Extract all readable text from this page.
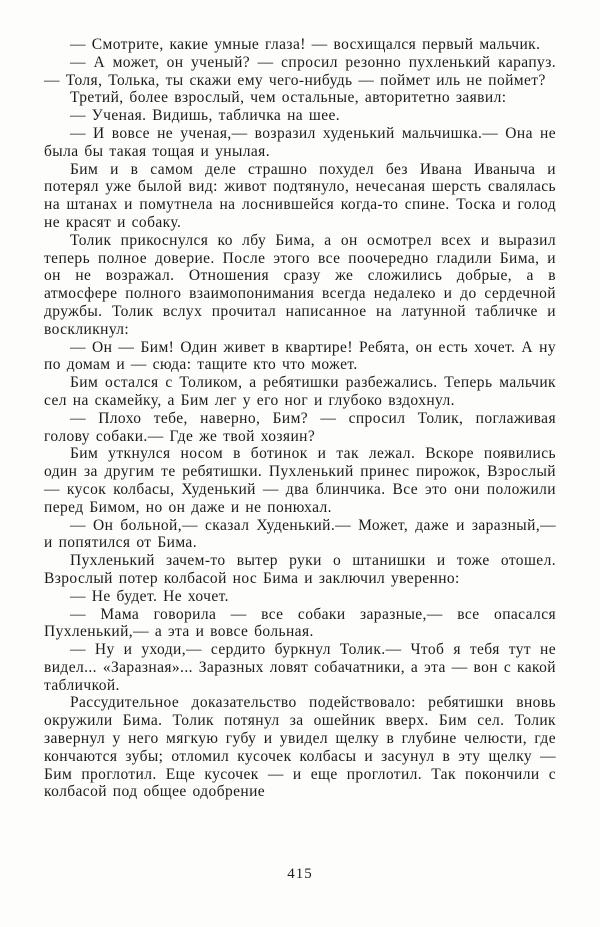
— Смотрите, какие умные глаза! — восхищался первый мальчик.

— А может, он ученый? — спросил резонно пухленький карапуз.— Толя, Толька, ты скажи ему чего-нибудь — поймет иль не поймет?

Третий, более взрослый, чем остальные, авторитетно заявил:

— Ученая. Видишь, табличка на шее.

— И вовсе не ученая,— возразил худенький мальчишка.— Она не была бы такая тощая и унылая.

Бим и в самом деле страшно похудел без Ивана Иваныча и потерял уже былой вид: живот подтянуло, нечесаная шерсть свалялась на штанах и помутнела на лоснившейся когда-то спине. Тоска и голод не красят и собаку.

Толик прикоснулся ко лбу Бима, а он осмотрел всех и выразил теперь полное доверие. После этого все поочередно гладили Бима, и он не возражал. Отношения сразу же сложились добрые, а в атмосфере полного взаимопонимания всегда недалеко и до сердечной дружбы. Толик вслух прочитал написанное на латунной табличке и воскликнул:

— Он — Бим! Один живет в квартире! Ребята, он есть хочет. А ну по домам и — сюда: тащите кто что может.

Бим остался с Толиком, а ребятишки разбежались. Теперь мальчик сел на скамейку, а Бим лег у его ног и глубоко вздохнул.

— Плохо тебе, наверно, Бим? — спросил Толик, поглаживая голову собаки.— Где же твой хозяин?

Бим уткнулся носом в ботинок и так лежал. Вскоре появились один за другим те ребятишки. Пухленький принес пирожок, Взрослый — кусок колбасы, Худенький — два блинчика. Все это они положили перед Бимом, но он даже и не понюхал.

— Он больной,— сказал Худенький.— Может, даже и заразный,— и попятился от Бима.

Пухленький зачем-то вытер руки о штанишки и тоже отошел. Взрослый потер колбасой нос Бима и заключил уверенно:

— Не будет. Не хочет.

— Мама говорила — все собаки заразные,— все опасался Пухленький,— а эта и вовсе больная.

— Ну и уходи,— сердито буркнул Толик.— Чтоб я тебя тут не видел... «Заразная»... Заразных ловят собачатники, а эта — вон с какой табличкой.

Рассудительное доказательство подействовало: ребятишки вновь окружили Бима. Толик потянул за ошейник вверх. Бим сел. Толик завернул у него мягкую губу и увидел щелку в глубине челюсти, где кончаются зубы; отломил кусочек колбасы и засунул в эту щелку — Бим проглотил. Еще кусочек — и еще проглотил. Так покончили с колбасой под общее одобрение

415
